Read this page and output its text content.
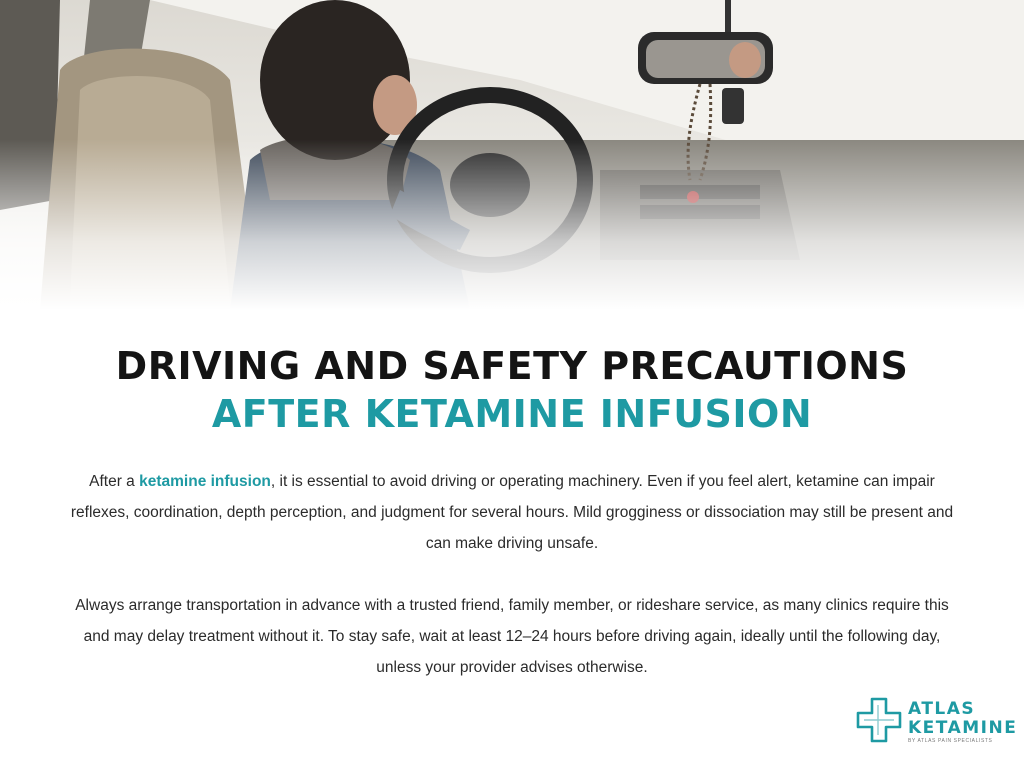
DRIVING AND SAFETY PRECAUTIONS
AFTER KETAMINE INFUSION

After a ketamine infusion, it is essential to avoid driving or operating machinery. Even if you feel alert, ketamine can impair reflexes, coordination, depth perception, and judgment for several hours. Mild grogginess or dissociation may still be present and can make driving unsafe.

Always arrange transportation in advance with a trusted friend, family member, or rideshare service, as many clinics require this and may delay treatment without it. To stay safe, wait at least 12–24 hours before driving again, ideally until the following day, unless your provider advises otherwise.

ATLAS
KETAMINE
BY ATLAS PAIN SPECIALISTS
